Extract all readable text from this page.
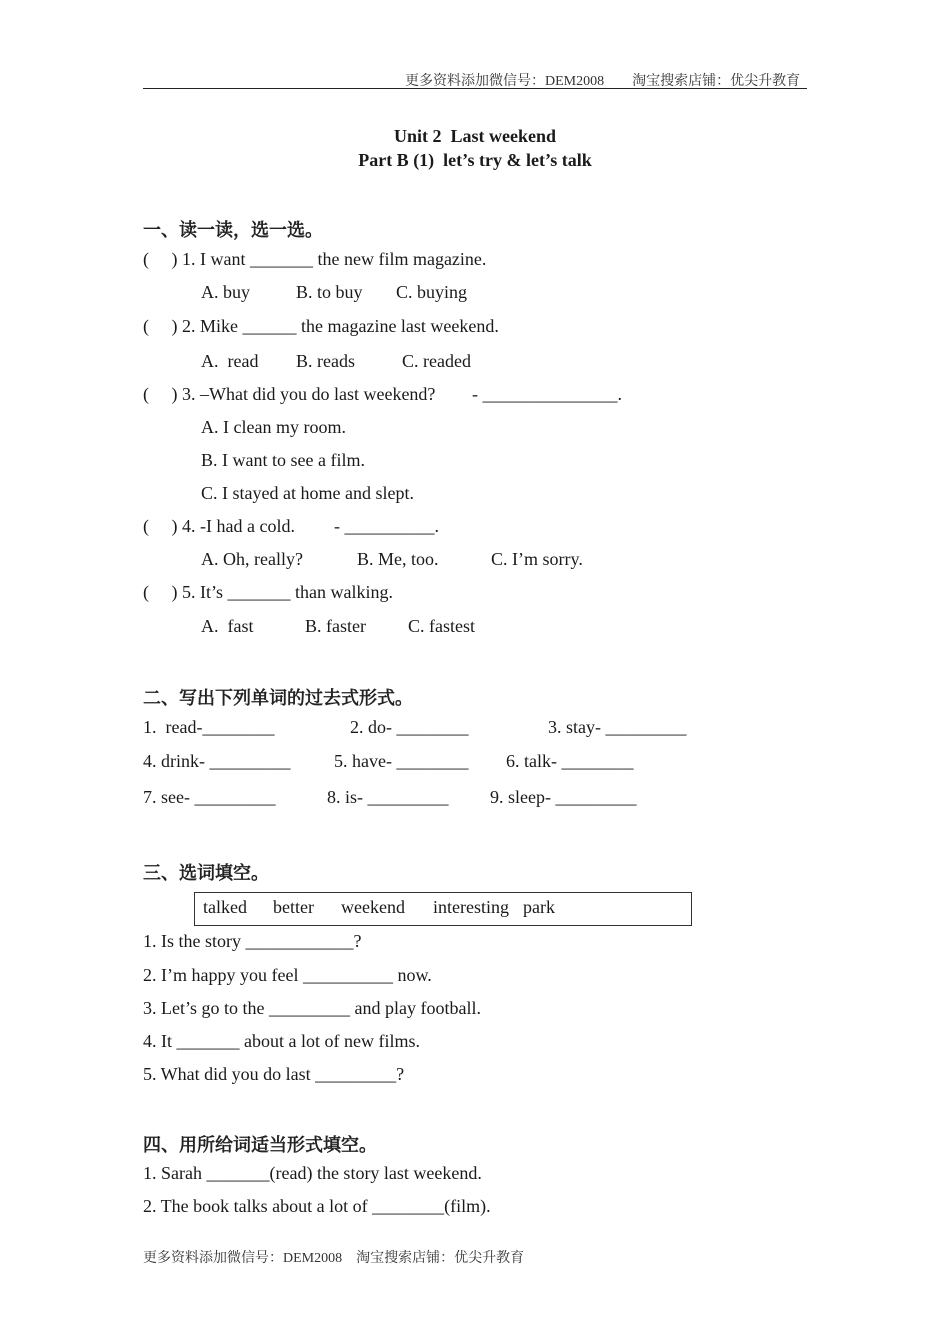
更多资料添加微信号：DEM2008　　淘宝搜索店铺：优尖升教育
Unit 2  Last weekend
Part B (1)  let’s try & let’s talk
一、读一读，选一选。
(     ) 1. I want _______ the new film magazine.
A. buy	B. to buy C. buying
(     ) 2. Mike ______ the magazine last weekend.
A.  read B. reads	C. readed
(     ) 3. –What did you do last weekend? - _______________.
A. I clean my room.
B. I want to see a film.
C. I stayed at home and slept.
(     ) 4. -I had a cold. - __________.
A. Oh, really?	B. Me, too.	C. I’m sorry.
(     ) 5. It’s _______ than walking.
A.  fast	B. faster C. fastest
二、写出下列单词的过去式形式。
1.  read-________	2. do- ________	3. stay- _________
4. drink- _________ 5. have- ________ 6. talk- ________
7. see- _________	8. is- _________ 9. sleep- _________
三、选词填空。
talked better weekend interesting park
1. Is the story ____________?
2. I’m happy you feel __________ now.
3. Let’s go to the _________ and play football.
4. It _______ about a lot of new films.
5. What did you do last _________?
四、用所给词适当形式填空。
1. Sarah _______(read) the story last weekend.
2. The book talks about a lot of ________(film).
更多资料添加微信号：DEM2008　淘宝搜索店铺：优尖升教育
